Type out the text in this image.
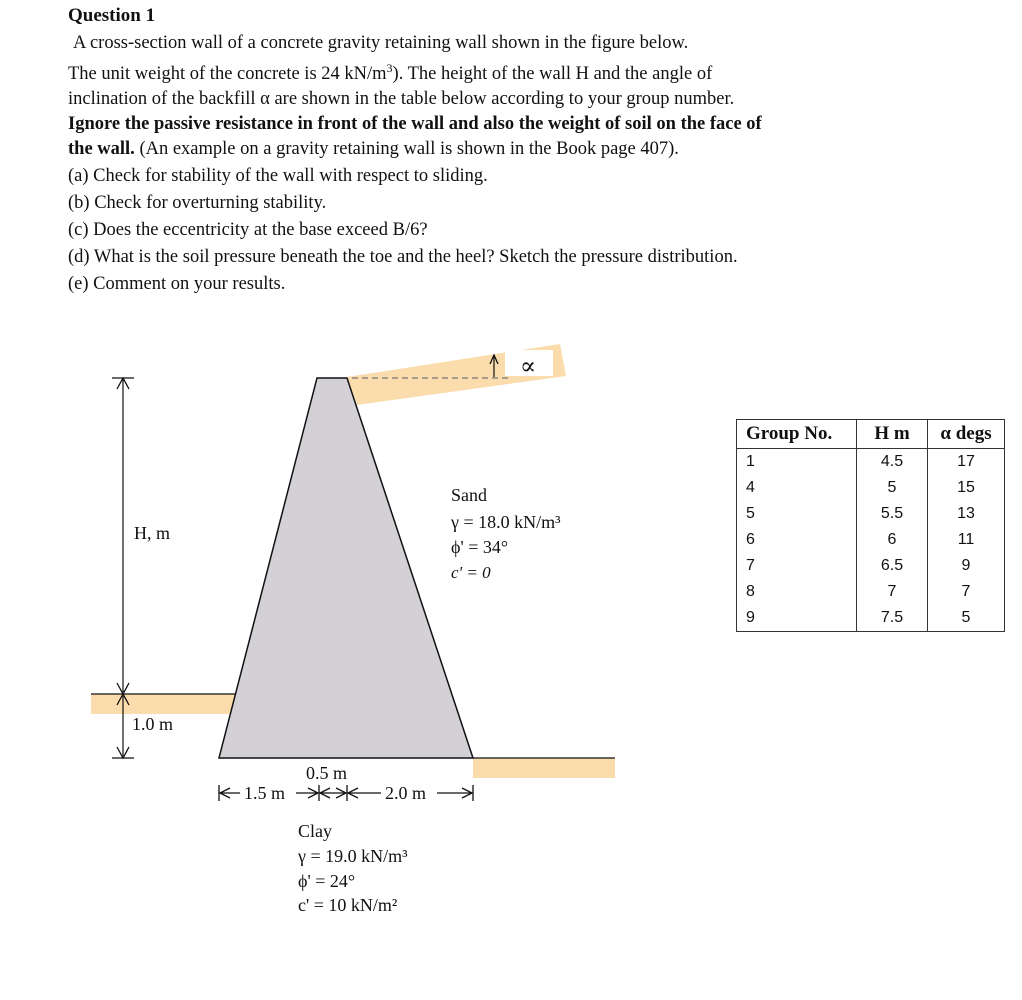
Question 1
A cross-section wall of a concrete gravity retaining wall shown in the figure below.
The unit weight of the concrete is 24 $kN/m^3$). The height of the wall H and the angle of
inclination of the backfill α are shown in the table below according to your group number.
Ignore the passive resistance in front of the wall and also the weight of soil on the face of
the wall. (An example on a gravity retaining wall is shown in the Book page 407).
(a) Check for stability of the wall with respect to sliding.
(b) Check for overturning stability.
(c) Does the eccentricity at the base exceed B/6?
(d) What is the soil pressure beneath the toe and the heel? Sketch the pressure distribution.
(e) Comment on your results.
∝
H, m
1.0 m
0.5 m
1.5 m	2.0 m
Sand
γ = 18.0 kN/m³
ϕ' = 34°
c' = 0
Clay
γ = 19.0 kN/m³
ϕ' = 24°
c' = 10 kN/m²
Group No.	H m	α degs
1	4.5	17
4	5	15
5	5.5	13
6	6	11
7	6.5	9
8	7	7
9	7.5	5
